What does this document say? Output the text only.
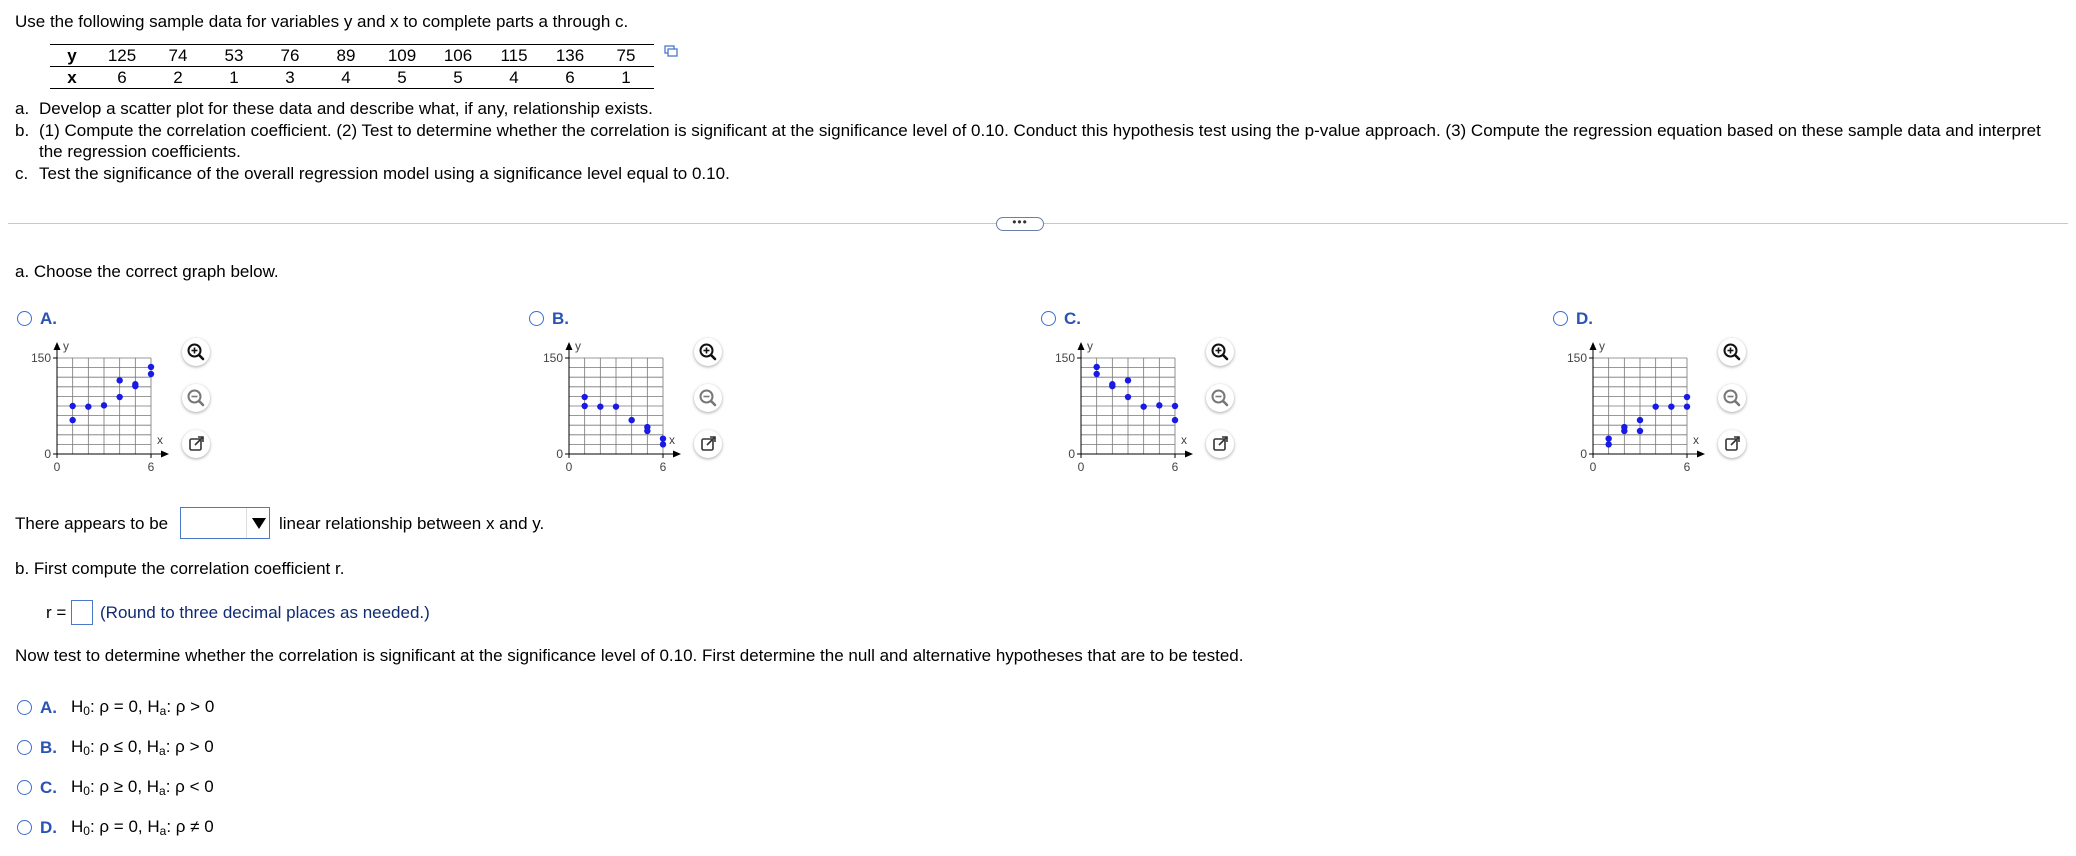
Use the following sample data for variables y and x to complete parts a through c.
y	125	74	53	76	89	109	106	115	136	75
x	6	2	1	3	4	5	5	4	6	1
a. Develop a scatter plot for these data and describe what, if any, relationship exists.
b. (1) Compute the correlation coefficient. (2) Test to determine whether the correlation is significant at the significance level of 0.10. Conduct this hypothesis test using the p-value approach. (3) Compute the regression equation based on these sample data and interpret the regression coefficients.
c. Test the significance of the overall regression model using a significance level equal to 0.10.
•••
a. Choose the correct graph below.
A.	B.	C.	D.
y
x
150
0
0	6
y
x
150
0
0	6
y
x
150
0
0	6
y
x
150
0
0	6
There appears to be	linear relationship between x and y.
b. First compute the correlation coefficient r.
r = (Round to three decimal places as needed.)
Now test to determine whether the correlation is significant at the significance level of 0.10. First determine the null and alternative hypotheses that are to be tested.
A. $H_0$: ρ = 0, $H_a$: ρ > 0
B. $H_0$: ρ ≤ 0, $H_a$: ρ > 0
C. $H_0$: ρ ≥ 0, $H_a$: ρ < 0
D. $H_0$: ρ = 0, $H_a$: ρ ≠ 0
